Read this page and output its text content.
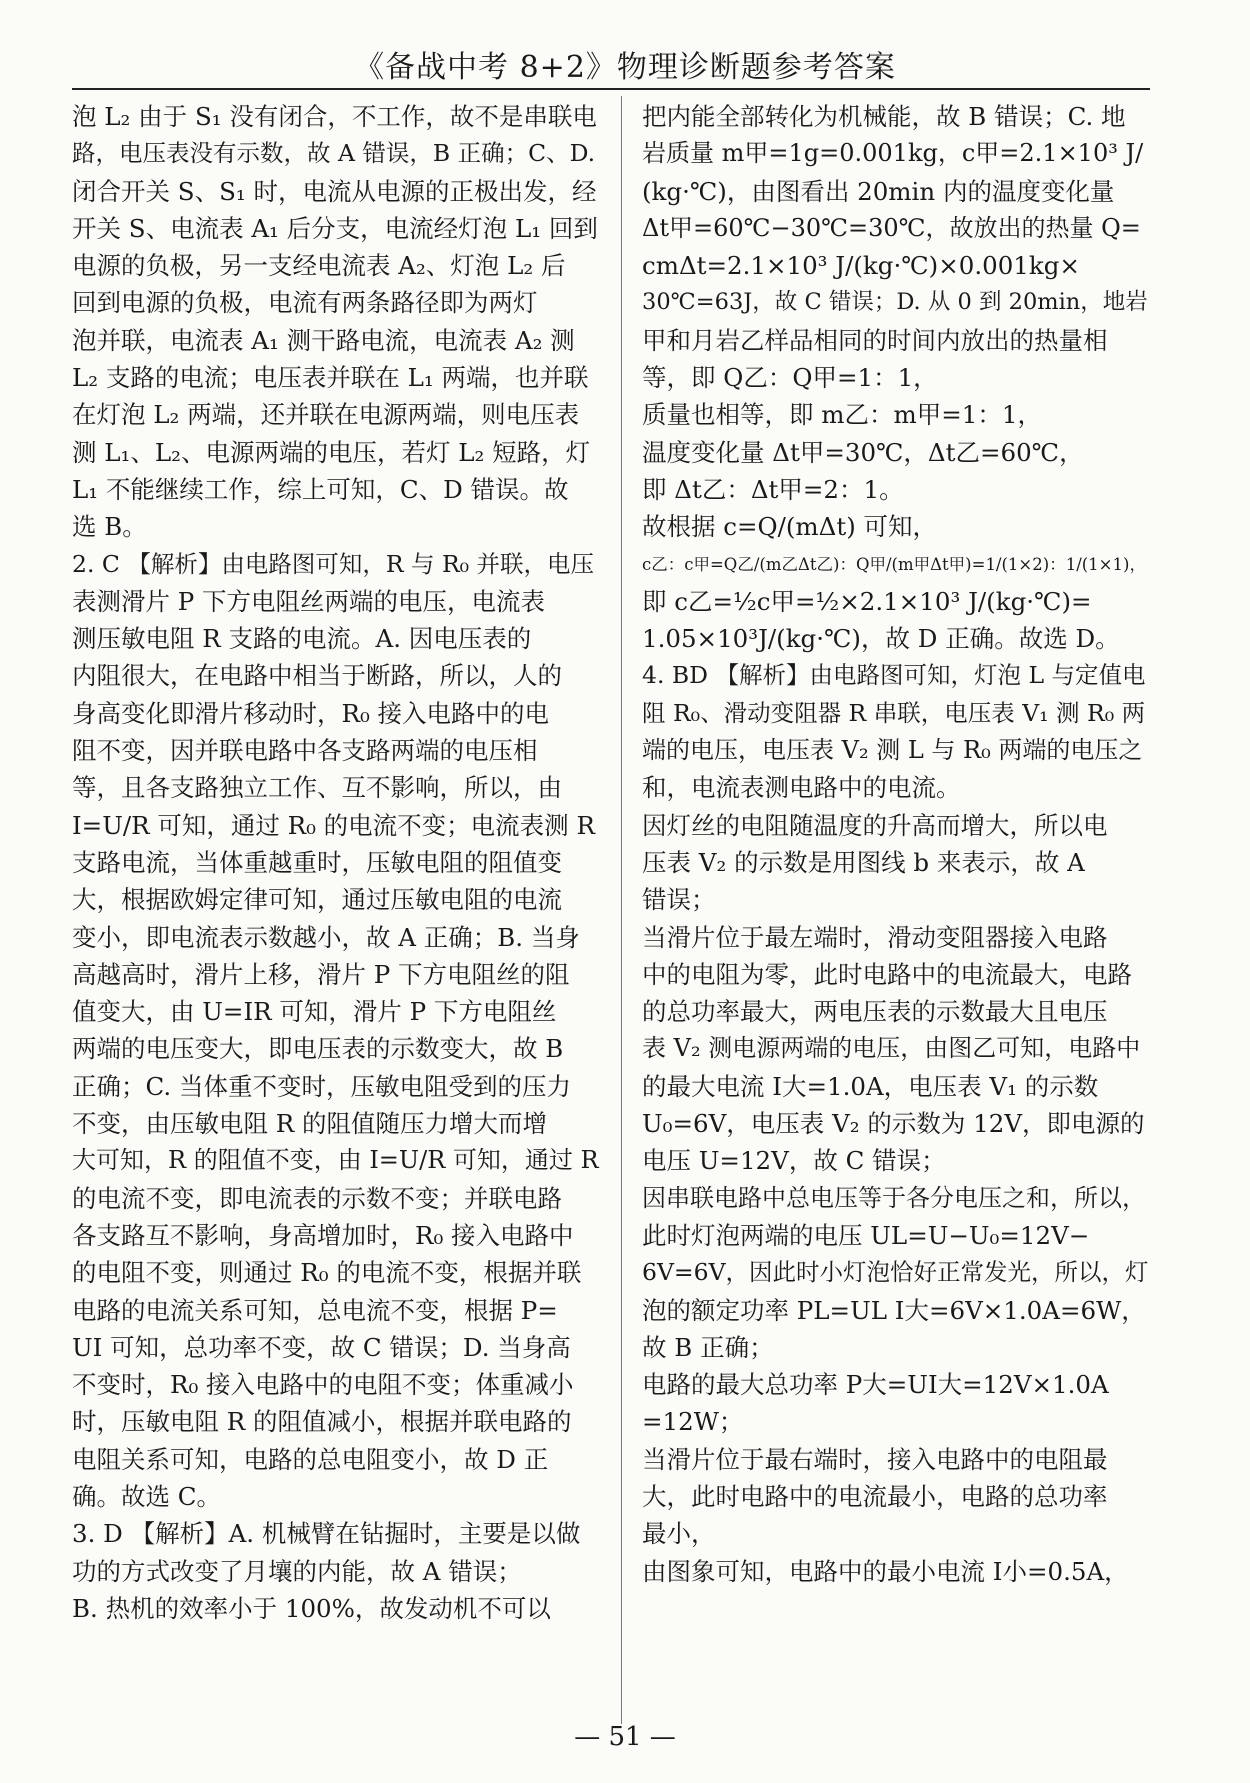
《备战中考 8+2》物理诊断题参考答案
泡 L₂ 由于 S₁ 没有闭合，不工作，故不是串联电
路，电压表没有示数，故 A 错误，B 正确；C、D.
闭合开关 S、S₁ 时，电流从电源的正极出发，经
开关 S、电流表 A₁ 后分支，电流经灯泡 L₁ 回到
电源的负极，另一支经电流表 A₂、灯泡 L₂ 后
回到电源的负极，电流有两条路径即为两灯
泡并联，电流表 A₁ 测干路电流，电流表 A₂ 测
L₂ 支路的电流；电压表并联在 L₁ 两端，也并联
在灯泡 L₂ 两端，还并联在电源两端，则电压表
测 L₁、L₂、电源两端的电压，若灯 L₂ 短路，灯
L₁ 不能继续工作，综上可知，C、D 错误。故
选 B。
2. C 【解析】由电路图可知，R 与 R₀ 并联，电压
表测滑片 P 下方电阻丝两端的电压，电流表
测压敏电阻 R 支路的电流。A. 因电压表的
内阻很大，在电路中相当于断路，所以，人的
身高变化即滑片移动时，R₀ 接入电路中的电
阻不变，因并联电路中各支路两端的电压相
等，且各支路独立工作、互不影响，所以，由
I=U/R 可知，通过 R₀ 的电流不变；电流表测 R
支路电流，当体重越重时，压敏电阻的阻值变
大，根据欧姆定律可知，通过压敏电阻的电流
变小，即电流表示数越小，故 A 正确；B. 当身
高越高时，滑片上移，滑片 P 下方电阻丝的阻
值变大，由 U=IR 可知，滑片 P 下方电阻丝
两端的电压变大，即电压表的示数变大，故 B
正确；C. 当体重不变时，压敏电阻受到的压力
不变，由压敏电阻 R 的阻值随压力增大而增
大可知，R 的阻值不变，由 I=U/R 可知，通过 R
的电流不变，即电流表的示数不变；并联电路
各支路互不影响，身高增加时，R₀ 接入电路中
的电阻不变，则通过 R₀ 的电流不变，根据并联
电路的电流关系可知，总电流不变，根据 P=
UI 可知，总功率不变，故 C 错误；D. 当身高
不变时，R₀ 接入电路中的电阻不变；体重减小
时，压敏电阻 R 的阻值减小，根据并联电路的
电阻关系可知，电路的总电阻变小，故 D 正
确。故选 C。
3. D 【解析】A. 机械臂在钻掘时，主要是以做
功的方式改变了月壤的内能，故 A 错误；
B. 热机的效率小于 100%，故发动机不可以
把内能全部转化为机械能，故 B 错误；C. 地
岩质量 m甲=1g=0.001kg，c甲=2.1×10³ J/
(kg·℃)，由图看出 20min 内的温度变化量
Δt甲=60℃−30℃=30℃，故放出的热量 Q=
cmΔt=2.1×10³ J/(kg·℃)×0.001kg×
30℃=63J，故 C 错误；D. 从 0 到 20min，地岩
甲和月岩乙样品相同的时间内放出的热量相
等，即 Q乙：Q甲=1：1，
质量也相等，即 m乙：m甲=1：1，
温度变化量 Δt甲=30℃，Δt乙=60℃，
即 Δt乙：Δt甲=2：1。
故根据 c=Q/(mΔt) 可知，
c乙：c甲=Q乙/(m乙Δt乙)：Q甲/(m甲Δt甲)=1/(1×2)：1/(1×1)，
即 c乙=½c甲=½×2.1×10³ J/(kg·℃)=
1.05×10³J/(kg·℃)，故 D 正确。故选 D。
4. BD 【解析】由电路图可知，灯泡 L 与定值电
阻 R₀、滑动变阻器 R 串联，电压表 V₁ 测 R₀ 两
端的电压，电压表 V₂ 测 L 与 R₀ 两端的电压之
和，电流表测电路中的电流。
因灯丝的电阻随温度的升高而增大，所以电
压表 V₂ 的示数是用图线 b 来表示，故 A
错误；
当滑片位于最左端时，滑动变阻器接入电路
中的电阻为零，此时电路中的电流最大，电路
的总功率最大，两电压表的示数最大且电压
表 V₂ 测电源两端的电压，由图乙可知，电路中
的最大电流 I大=1.0A，电压表 V₁ 的示数
U₀=6V，电压表 V₂ 的示数为 12V，即电源的
电压 U=12V，故 C 错误；
因串联电路中总电压等于各分电压之和，所以，
此时灯泡两端的电压 UL=U−U₀=12V−
6V=6V，因此时小灯泡恰好正常发光，所以，灯
泡的额定功率 PL=UL I大=6V×1.0A=6W，
故 B 正确；
电路的最大总功率 P大=UI大=12V×1.0A
=12W；
当滑片位于最右端时，接入电路中的电阻最
大，此时电路中的电流最小，电路的总功率
最小，
由图象可知，电路中的最小电流 I小=0.5A，
— 51 —
